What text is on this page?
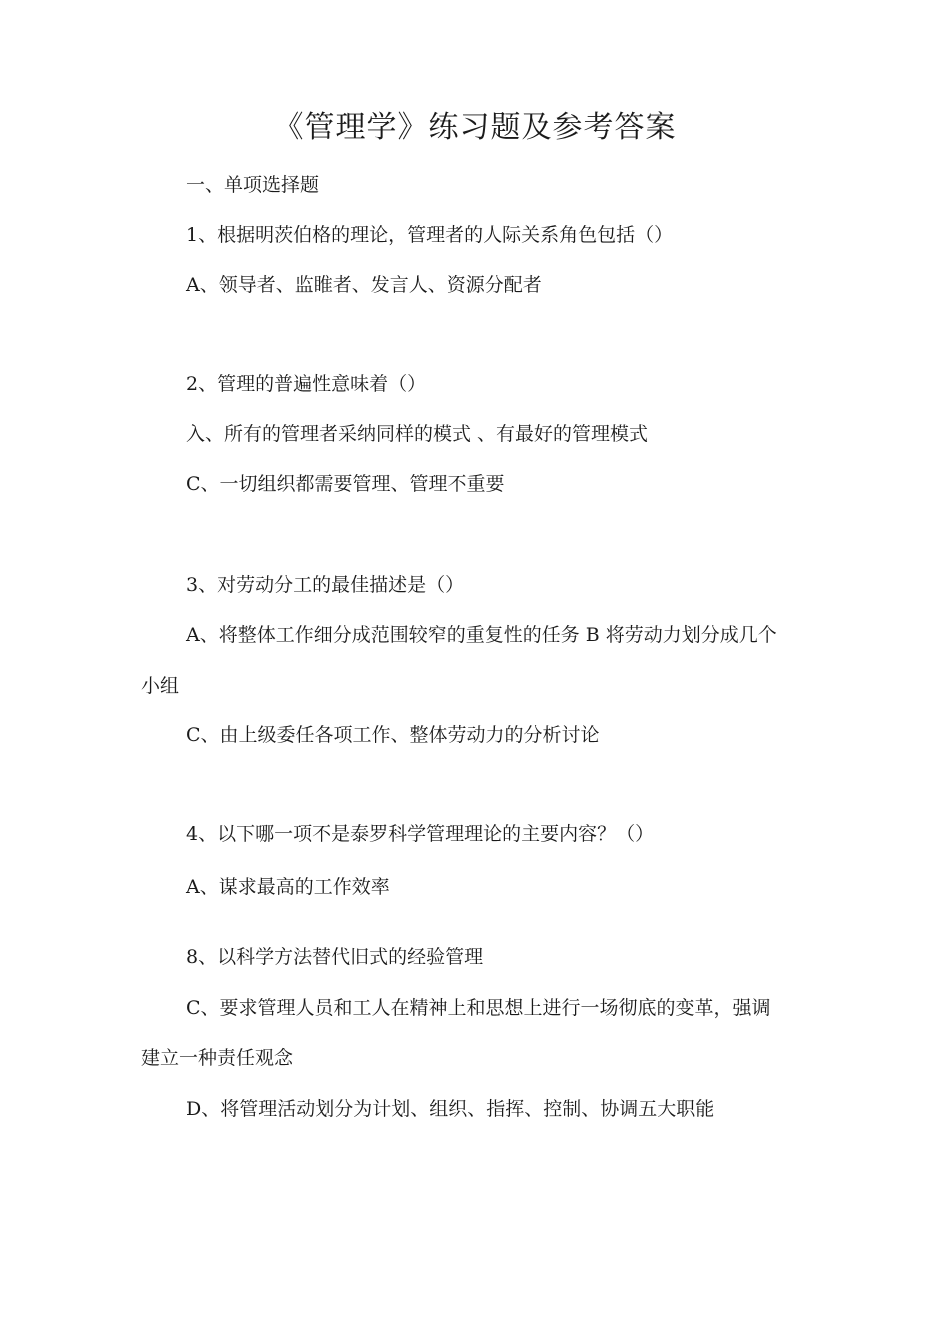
《管理学》练习题及参考答案
一、单项选择题
1、根据明茨伯格的理论，管理者的人际关系角色包括（）
A、领导者、监睢者、发言人、资源分配者
2、管理的普遍性意味着（）
入、所有的管理者采纳同样的模式 、有最好的管理模式
C、一切组织都需要管理、管理不重要
3、对劳动分工的最佳描述是（）
A、将整体工作细分成范围较窄的重复性的任务 B 将劳动力划分成几个
小组
C、由上级委任各项工作、整体劳动力的分析讨论
4、以下哪一项不是泰罗科学管理理论的主要内容？（）
A、谋求最高的工作效率
8、以科学方法替代旧式的经验管理
C、要求管理人员和工人在精神上和思想上进行一场彻底的变革，强调
建立一种责任观念
D、将管理活动划分为计划、组织、指挥、控制、协调五大职能
